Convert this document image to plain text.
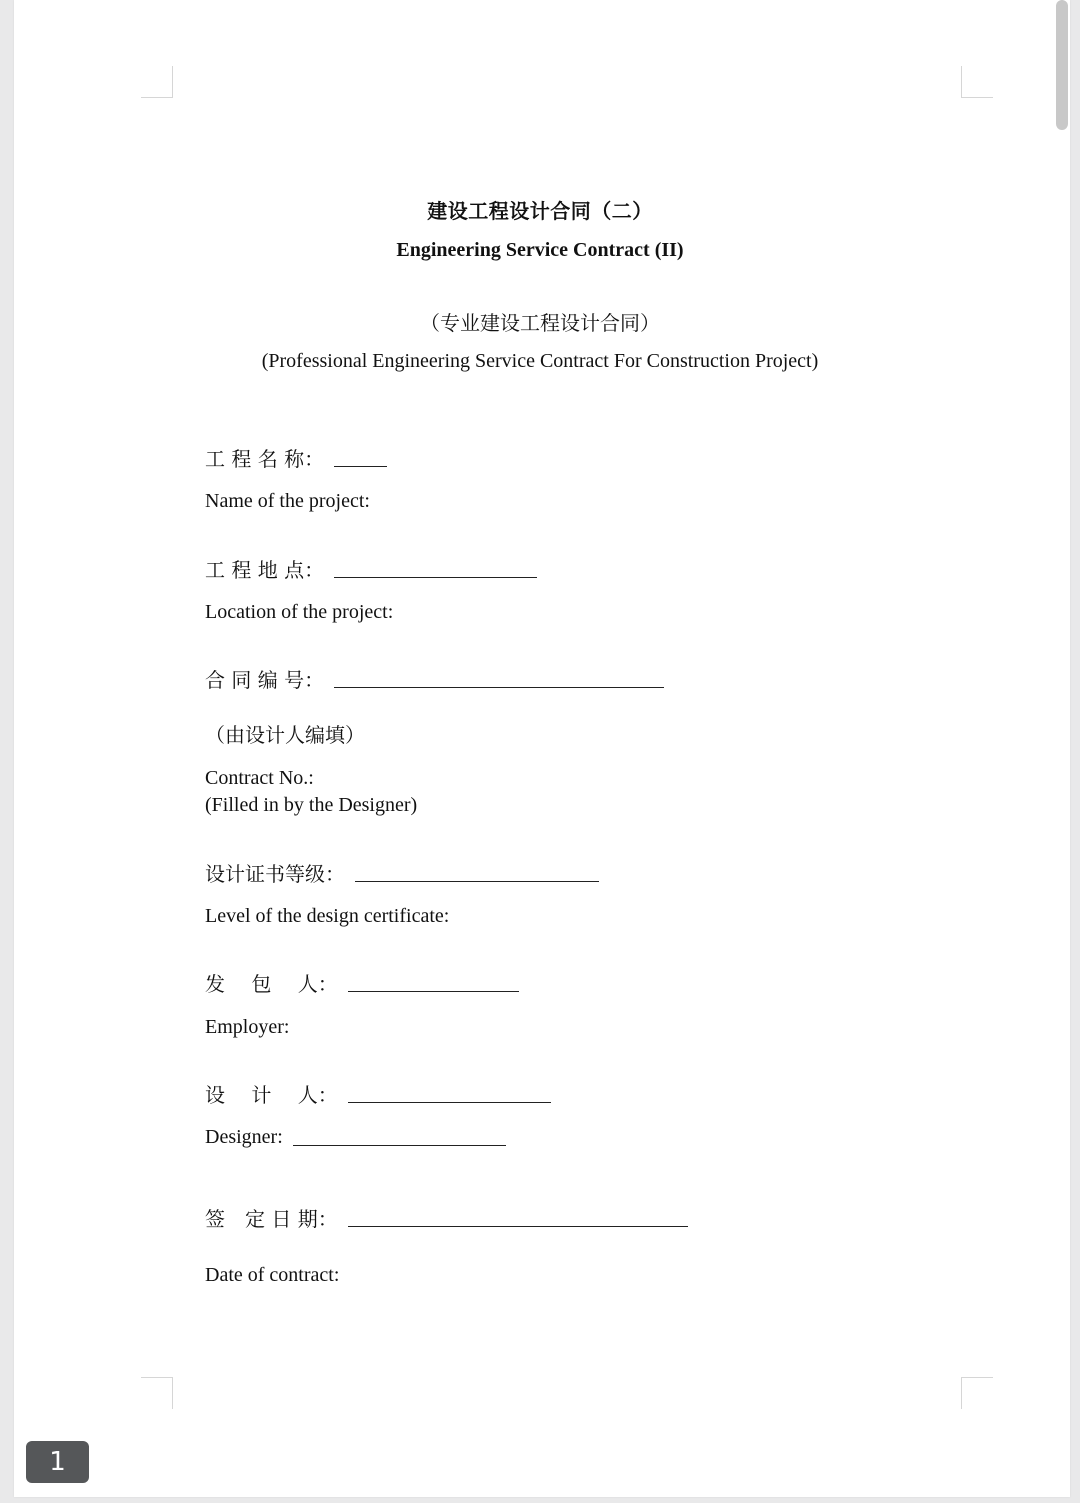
建设工程设计合同（二）
Engineering Service Contract (II)
（专业建设工程设计合同）
(Professional Engineering Service Contract For Construction Project)
工 程 名 称：
Name of the project:
工 程 地 点：
Location of the project:
合 同 编 号：
（由设计人编填）
Contract No.:
(Filled in by the Designer)
设计证书等级：
Level of the design certificate:
发　 包　 人：
Employer:
设　 计　 人：
Designer:
签　定 日 期：
Date of contract:
1
